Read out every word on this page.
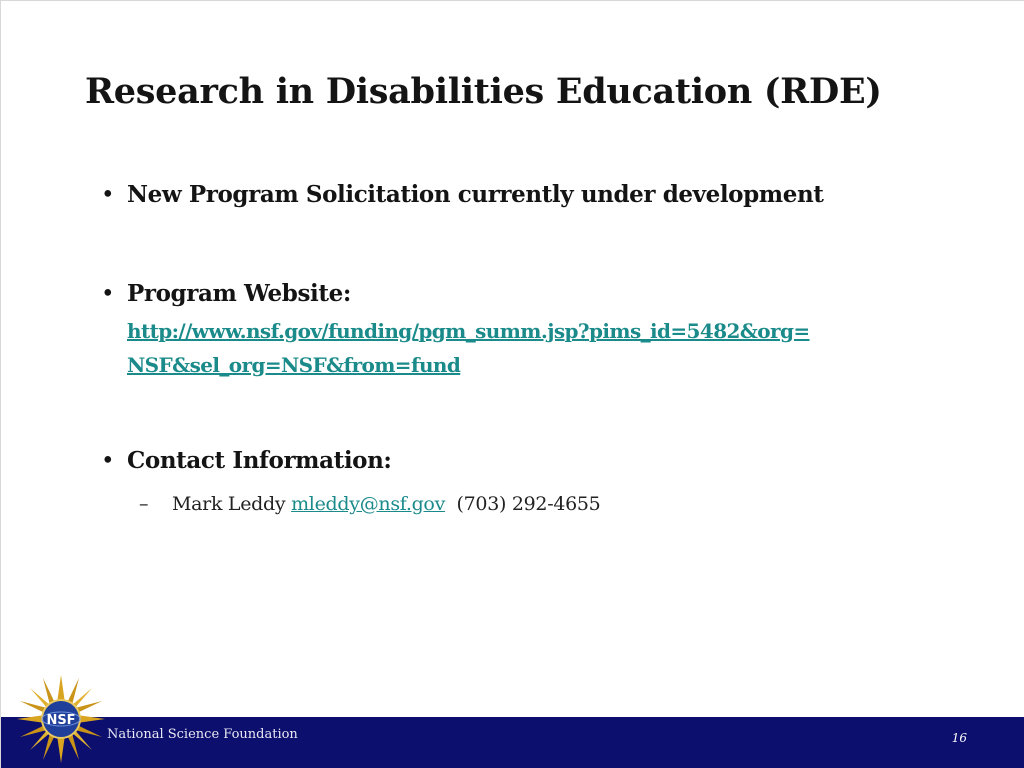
Research in Disabilities Education (RDE)
• New Program Solicitation currently under development
• Program Website:
http://www.nsf.gov/funding/pgm_summ.jsp?pims_id=5482&org=
NSF&sel_org=NSF&from=fund
• Contact Information:
– Mark Leddy mleddy@nsf.gov (703) 292-4655
National Science Foundation	16
NSF
